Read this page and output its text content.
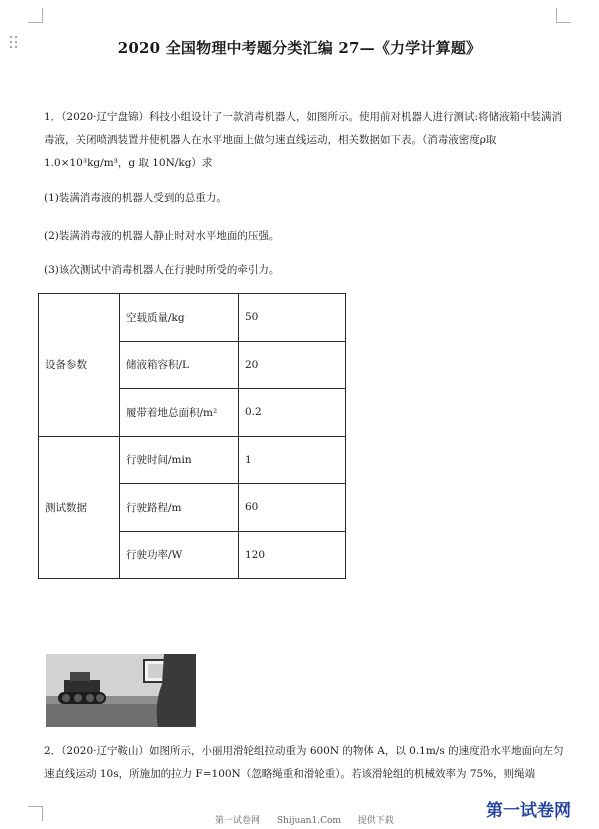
2020 全国物理中考题分类汇编 27—《力学计算题》
1．（2020·辽宁盘锦）科技小组设计了一款消毒机器人，如图所示。使用前对机器人进行测试:将储液箱中装满消毒液，关闭喷洒装置并使机器人在水平地面上做匀速直线运动，相关数据如下表。（消毒液密度ρ取 1.0×10³kg/m³，g 取 10N/kg）求
(1)装满消毒液的机器人受到的总重力。
(2)装满消毒液的机器人静止时对水平地面的压强。
(3)该次测试中消毒机器人在行驶时所受的牵引力。
设备参数	空载质量/kg	50
	储液箱容积/L	20
	履带着地总面积/m²	0.2
测试数据	行驶时间/min	1
	行驶路程/m	60
	行驶功率/W	120
2．（2020·辽宁鞍山）如图所示，小丽用滑轮组拉动重为 600N 的物体 A，以 0.1m/s 的速度沿水平地面向左匀速直线运动 10s，所施加的拉力 F=100N（忽略绳重和滑轮重）。若该滑轮组的机械效率为 75%，则绳端
第一试卷网 Shijuan1.Com 提供下载	第一试卷网
